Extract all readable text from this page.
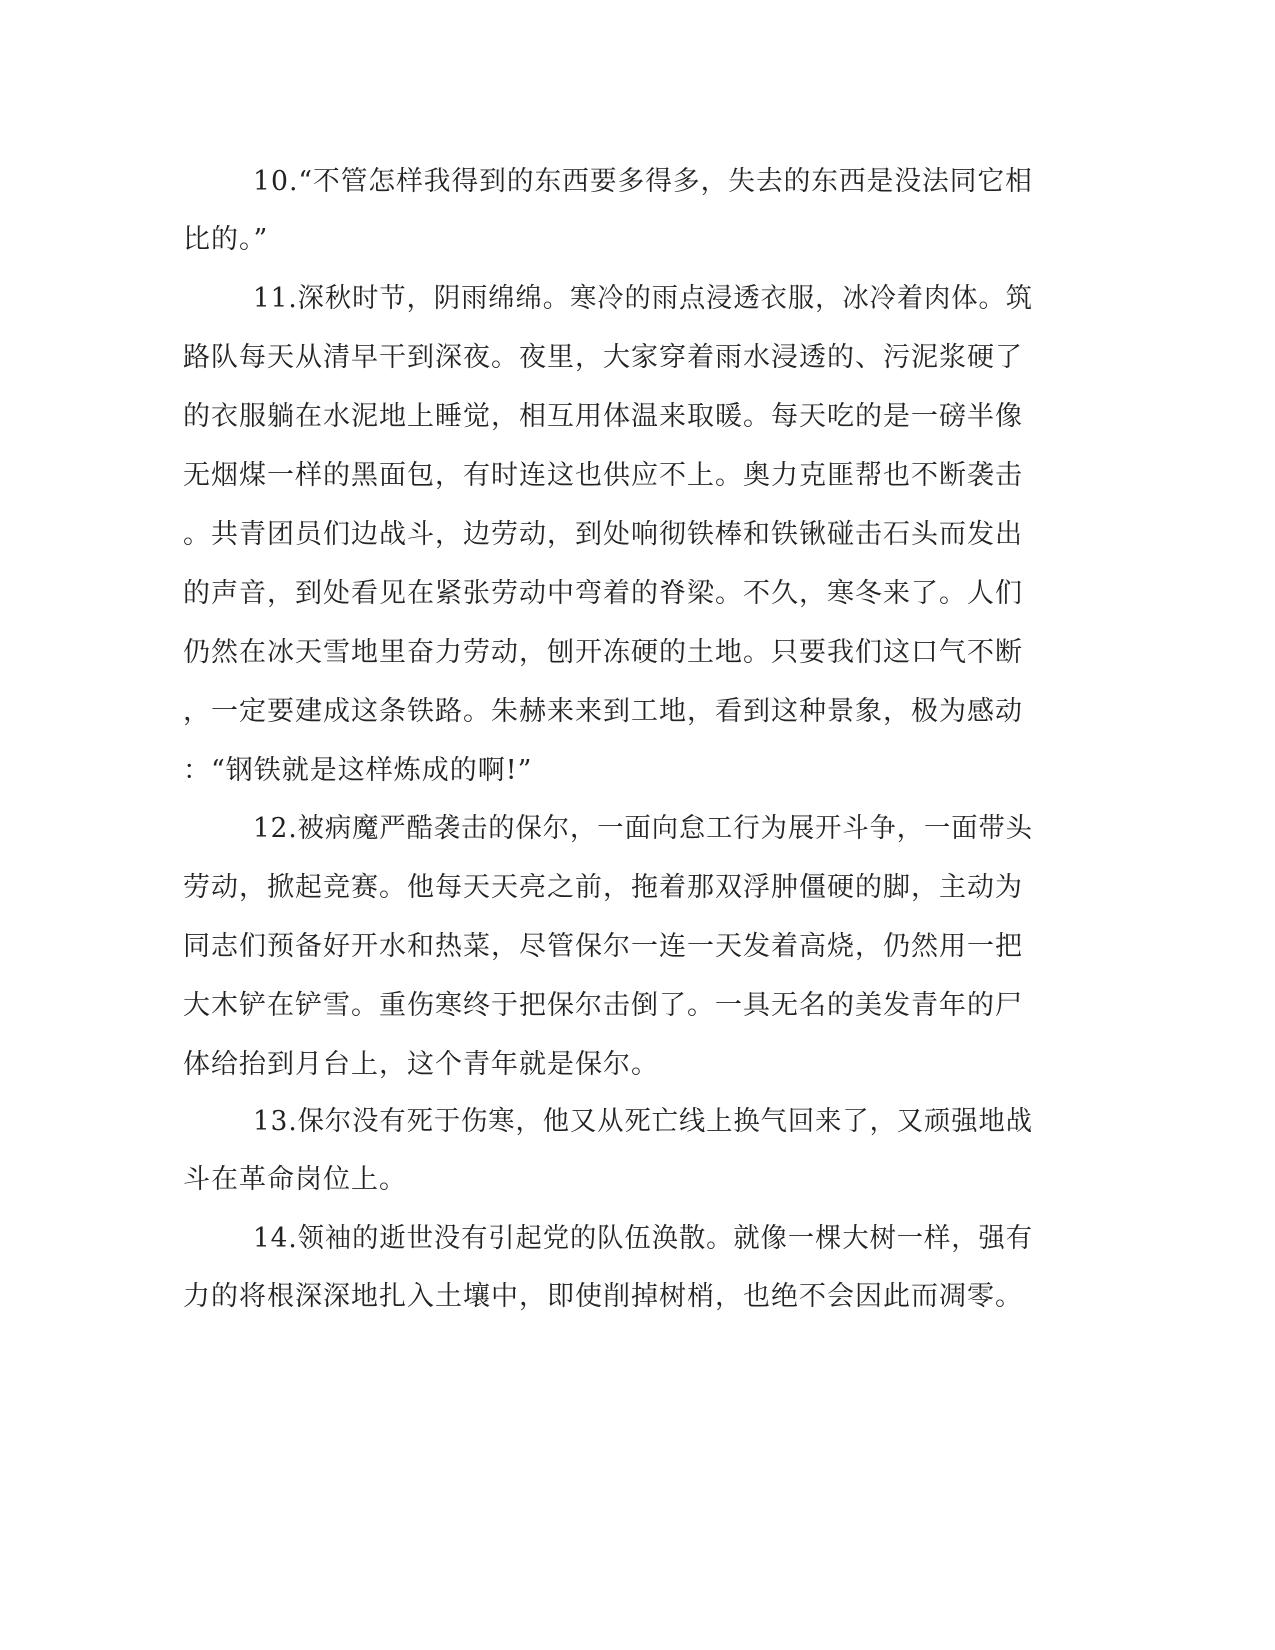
10.“不管怎样我得到的东西要多得多，失去的东西是没法同它相
比的。”
11.深秋时节，阴雨绵绵。寒冷的雨点浸透衣服，冰冷着肉体。筑
路队每天从清早干到深夜。夜里，大家穿着雨水浸透的、污泥浆硬了
的衣服躺在水泥地上睡觉，相互用体温来取暖。每天吃的是一磅半像
无烟煤一样的黑面包，有时连这也供应不上。奥力克匪帮也不断袭击
。共青团员们边战斗，边劳动，到处响彻铁棒和铁锹碰击石头而发出
的声音，到处看见在紧张劳动中弯着的脊梁。不久，寒冬来了。人们
仍然在冰天雪地里奋力劳动，刨开冻硬的土地。只要我们这口气不断
，一定要建成这条铁路。朱赫来来到工地，看到这种景象，极为感动
：“钢铁就是这样炼成的啊!”
12.被病魔严酷袭击的保尔，一面向怠工行为展开斗争，一面带头
劳动，掀起竞赛。他每天天亮之前，拖着那双浮肿僵硬的脚，主动为
同志们预备好开水和热菜，尽管保尔一连一天发着高烧，仍然用一把
大木铲在铲雪。重伤寒终于把保尔击倒了。一具无名的美发青年的尸
体给抬到月台上，这个青年就是保尔。
13.保尔没有死于伤寒，他又从死亡线上换气回来了，又顽强地战
斗在革命岗位上。
14.领袖的逝世没有引起党的队伍涣散。就像一棵大树一样，强有
力的将根深深地扎入土壤中，即使削掉树梢，也绝不会因此而凋零。
